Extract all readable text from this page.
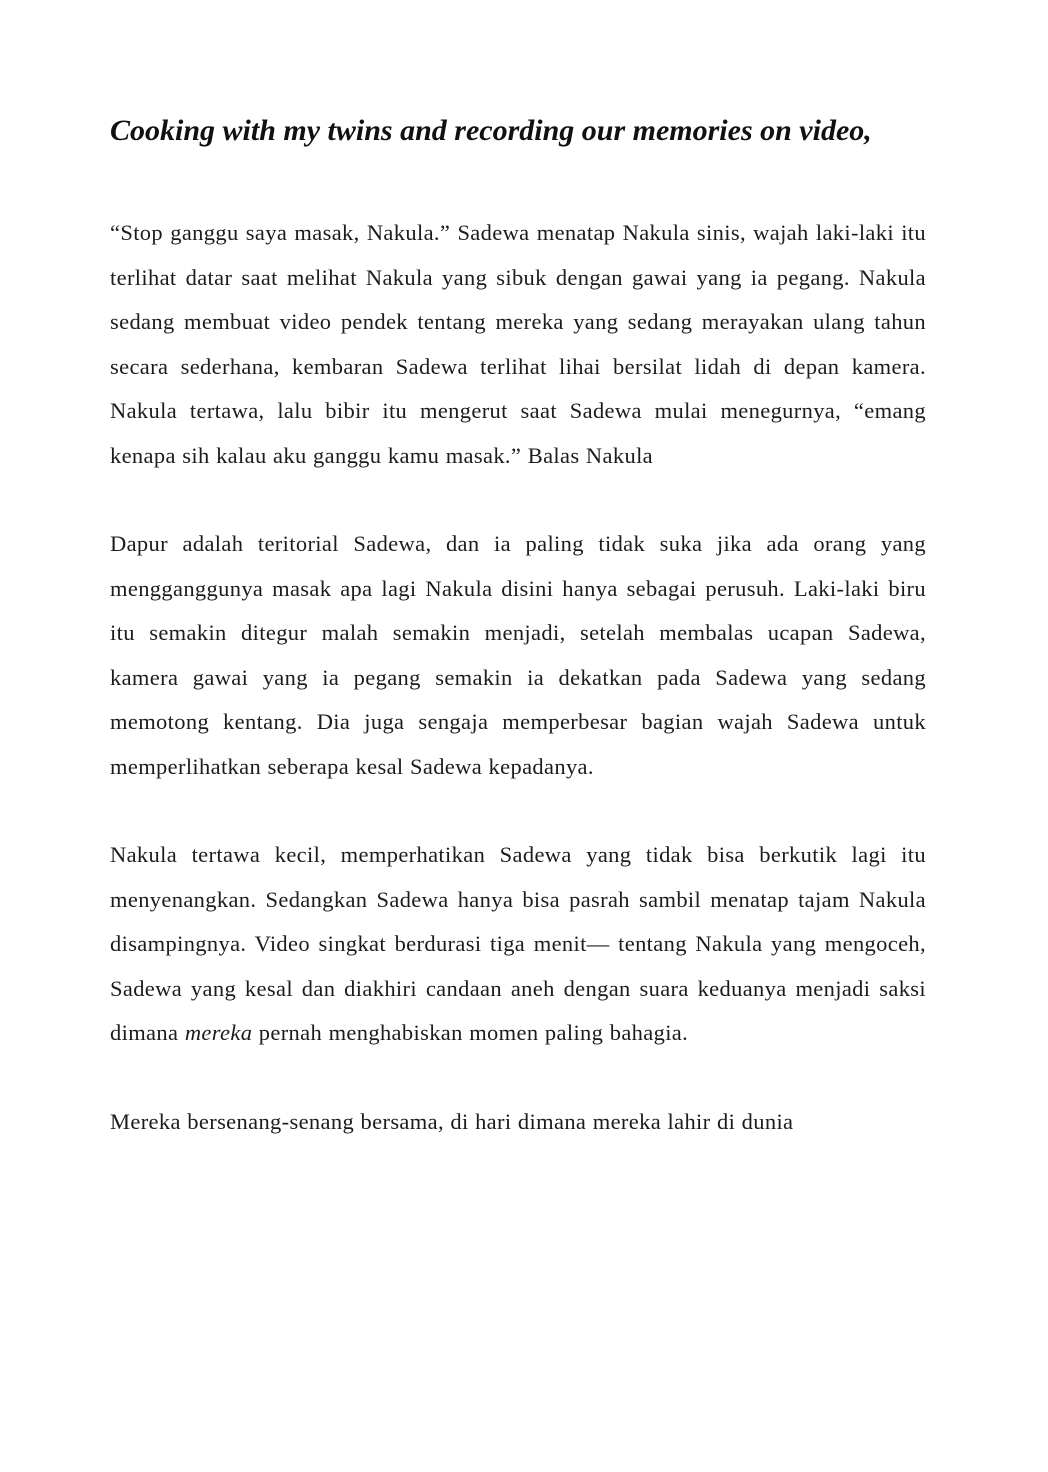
Cooking with my twins and recording our memories on video,

“Stop ganggu saya masak, Nakula.” Sadewa menatap Nakula sinis, wajah laki-laki itu terlihat datar saat melihat Nakula yang sibuk dengan gawai yang ia pegang. Nakula sedang membuat video pendek tentang mereka yang sedang merayakan ulang tahun secara sederhana, kembaran Sadewa terlihat lihai bersilat lidah di depan kamera. Nakula tertawa, lalu bibir itu mengerut saat Sadewa mulai menegurnya, “emang kenapa sih kalau aku ganggu kamu masak.” Balas Nakula

Dapur adalah teritorial Sadewa, dan ia paling tidak suka jika ada orang yang mengganggunya masak apa lagi Nakula disini hanya sebagai perusuh. Laki-laki biru itu semakin ditegur malah semakin menjadi, setelah membalas ucapan Sadewa, kamera gawai yang ia pegang semakin ia dekatkan pada Sadewa yang sedang memotong kentang. Dia juga sengaja memperbesar bagian wajah Sadewa untuk memperlihatkan seberapa kesal Sadewa kepadanya.

Nakula tertawa kecil, memperhatikan Sadewa yang tidak bisa berkutik lagi itu menyenangkan. Sedangkan Sadewa hanya bisa pasrah sambil menatap tajam Nakula disampingnya. Video singkat berdurasi tiga menit— tentang Nakula yang mengoceh, Sadewa yang kesal dan diakhiri candaan aneh dengan suara keduanya menjadi saksi dimana mereka pernah menghabiskan momen paling bahagia.

Mereka bersenang-senang bersama, di hari dimana mereka lahir di dunia
